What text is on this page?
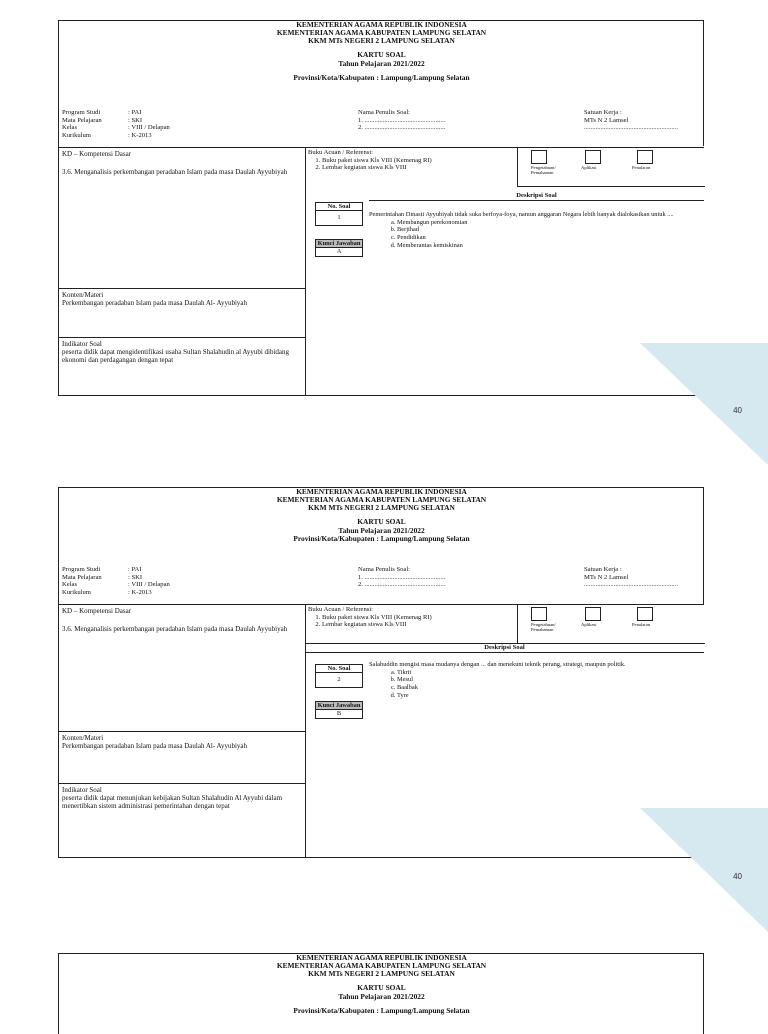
KEMENTERIAN AGAMA REPUBLIK INDONESIA
KEMENTERIAN AGAMA KABUPATEN LAMPUNG SELATAN
KKM MTs NEGERI 2 LAMPUNG SELATAN
KARTU SOAL
Tahun Pelajaran 2021/2022
Provinsi/Kota/Kabupaten : Lampung/Lampung Selatan
Program Studi	: PAI
Mata Pelajaran	: SKI
Kelas	: VIII / Delapan
Kurikulum	: K-2013
Nama Penulis Soal:
1. .................................................
2. .................................................
Satuan Kerja :
MTs N 2 Lamsel
.........................................................
KD – Kompetensi Dasar
3.6. Menganalisis perkembangan peradaban Islam pada masa Daulah Ayyubiyah
Konten/Materi
Perkembangan peradaban Islam pada masa Daulah Al- Ayyubiyah
Indikator Soal
peserta didik dapat mengidentifikasi usaha Sultan Shalahudin al Ayyubi dibidang ekonomi dan perdagangan dengan tepat
Buku Acuan / Referensi:
1. Buku paket siswa Kls VIII (Kemenag RI)
2. Lembar kegiatan siswa Kls VIII	Pengetahuan/ Pemahaman
Aplikasi	Penalaran
Deskripsi Soal
No. Soal
1
Kunci Jawaban
A
Pemerintahan Dinasti Ayyubiyah tidak suka berfoya-foya, namun anggaran Negara lebih banyak dialokasikan untuk ....
a. Membangun perekonomian
b. Berjihad
c. Pendidikan
d. Memberantas kemiskinan
40
KEMENTERIAN AGAMA REPUBLIK INDONESIA
KEMENTERIAN AGAMA KABUPATEN LAMPUNG SELATAN
KKM MTs NEGERI 2 LAMPUNG SELATAN
KARTU SOAL
Tahun Pelajaran 2021/2022
Provinsi/Kota/Kabupaten : Lampung/Lampung Selatan
Program Studi	: PAI
Mata Pelajaran	: SKI
Kelas	: VIII / Delapan
Kurikulum	: K-2013
Nama Penulis Soal:
1. .................................................
2. .................................................
Satuan Kerja :
MTs N 2 Lamsel
.........................................................
KD – Kompetensi Dasar
3.6. Menganalisis perkembangan peradaban Islam pada masa Daulah Ayyubiyah
Konten/Materi
Perkembangan peradaban Islam pada masa Daulah Al- Ayyubiyah
Indikator Soal
peserta didik dapat menunjukan kebijakan Sultan Shalahudin Al Ayyubi dalam menertibkan sistem administrasi pemerintahan dengan tepat
Buku Acuan / Referensi:
1. Buku paket siswa Kls VIII (Kemenag RI)
2. Lembar kegiatan siswa Kls VIII	Pengetahuan/ Pemahaman
Aplikasi	Penalaran
Deskripsi Soal
No. Soal
2
Kunci Jawaban
B
Salahuddin mengisi masa mudanya dengan ... dan menekuni teknik perang, strategi, maupun politik.
a. Tikrit
b. Mesul
c. Baalbak
d. Tyre
40
KEMENTERIAN AGAMA REPUBLIK INDONESIA
KEMENTERIAN AGAMA KABUPATEN LAMPUNG SELATAN
KKM MTs NEGERI 2 LAMPUNG SELATAN
KARTU SOAL
Tahun Pelajaran 2021/2022
Provinsi/Kota/Kabupaten : Lampung/Lampung Selatan
